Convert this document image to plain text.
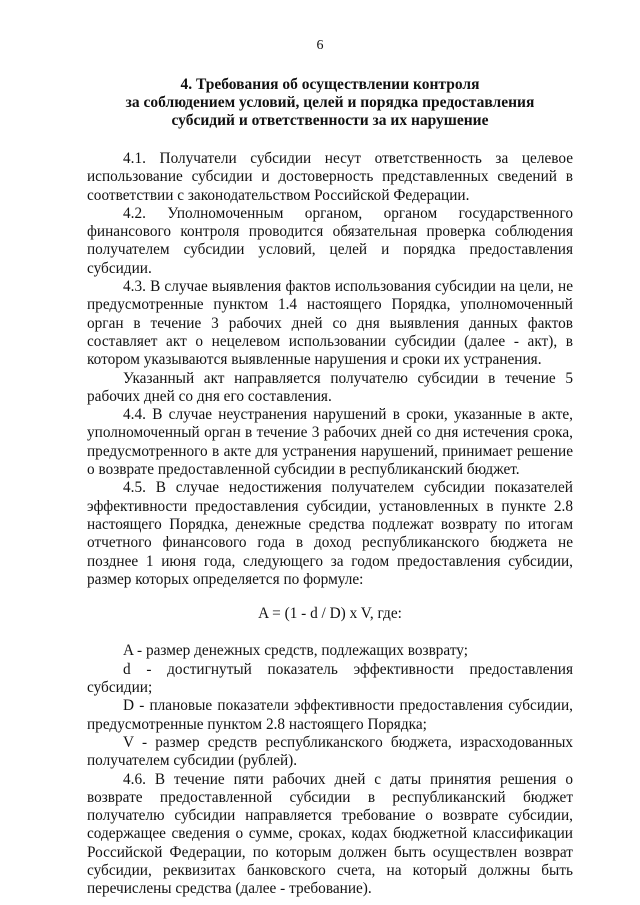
6
4. Требования об осуществлении контроля
за соблюдением условий, целей и порядка предоставления
субсидий и ответственности за их нарушение

4.1. Получатели субсидии несут ответственность за целевое использование субсидии и достоверность представленных сведений в соответствии с законодательством Российской Федерации.

4.2. Уполномоченным органом, органом государственного финансового контроля проводится обязательная проверка соблюдения получателем субсидии условий, целей и порядка предоставления субсидии.

4.3. В случае выявления фактов использования субсидии на цели, не предусмотренные пунктом 1.4 настоящего Порядка, уполномоченный орган в течение 3 рабочих дней со дня выявления данных фактов составляет акт о нецелевом использовании субсидии (далее - акт), в котором указываются выявленные нарушения и сроки их устранения.

Указанный акт направляется получателю субсидии в течение 5 рабочих дней со дня его составления.

4.4. В случае неустранения нарушений в сроки, указанные в акте, уполномоченный орган в течение 3 рабочих дней со дня истечения срока, предусмотренного в акте для устранения нарушений, принимает решение о возврате предоставленной субсидии в республиканский бюджет.

4.5. В случае недостижения получателем субсидии показателей эффективности предоставления субсидии, установленных в пункте 2.8 настоящего Порядка, денежные средства подлежат возврату по итогам отчетного финансового года в доход республиканского бюджета не позднее 1 июня года, следующего за годом предоставления субсидии, размер которых определяется по формуле:

A = (1 - d / D) x V, где:

A - размер денежных средств, подлежащих возврату;

d - достигнутый показатель эффективности предоставления субсидии;

D - плановые показатели эффективности предоставления субсидии, предусмотренные пунктом 2.8 настоящего Порядка;

V - размер средств республиканского бюджета, израсходованных получателем субсидии (рублей).

4.6. В течение пяти рабочих дней с даты принятия решения о возврате предоставленной субсидии в республиканский бюджет получателю субсидии направляется требование о возврате субсидии, содержащее сведения о сумме, сроках, кодах бюджетной классификации Российской Федерации, по которым должен быть осуществлен возврат субсидии, реквизитах банковского счета, на который должны быть перечислены средства (далее - требование).
